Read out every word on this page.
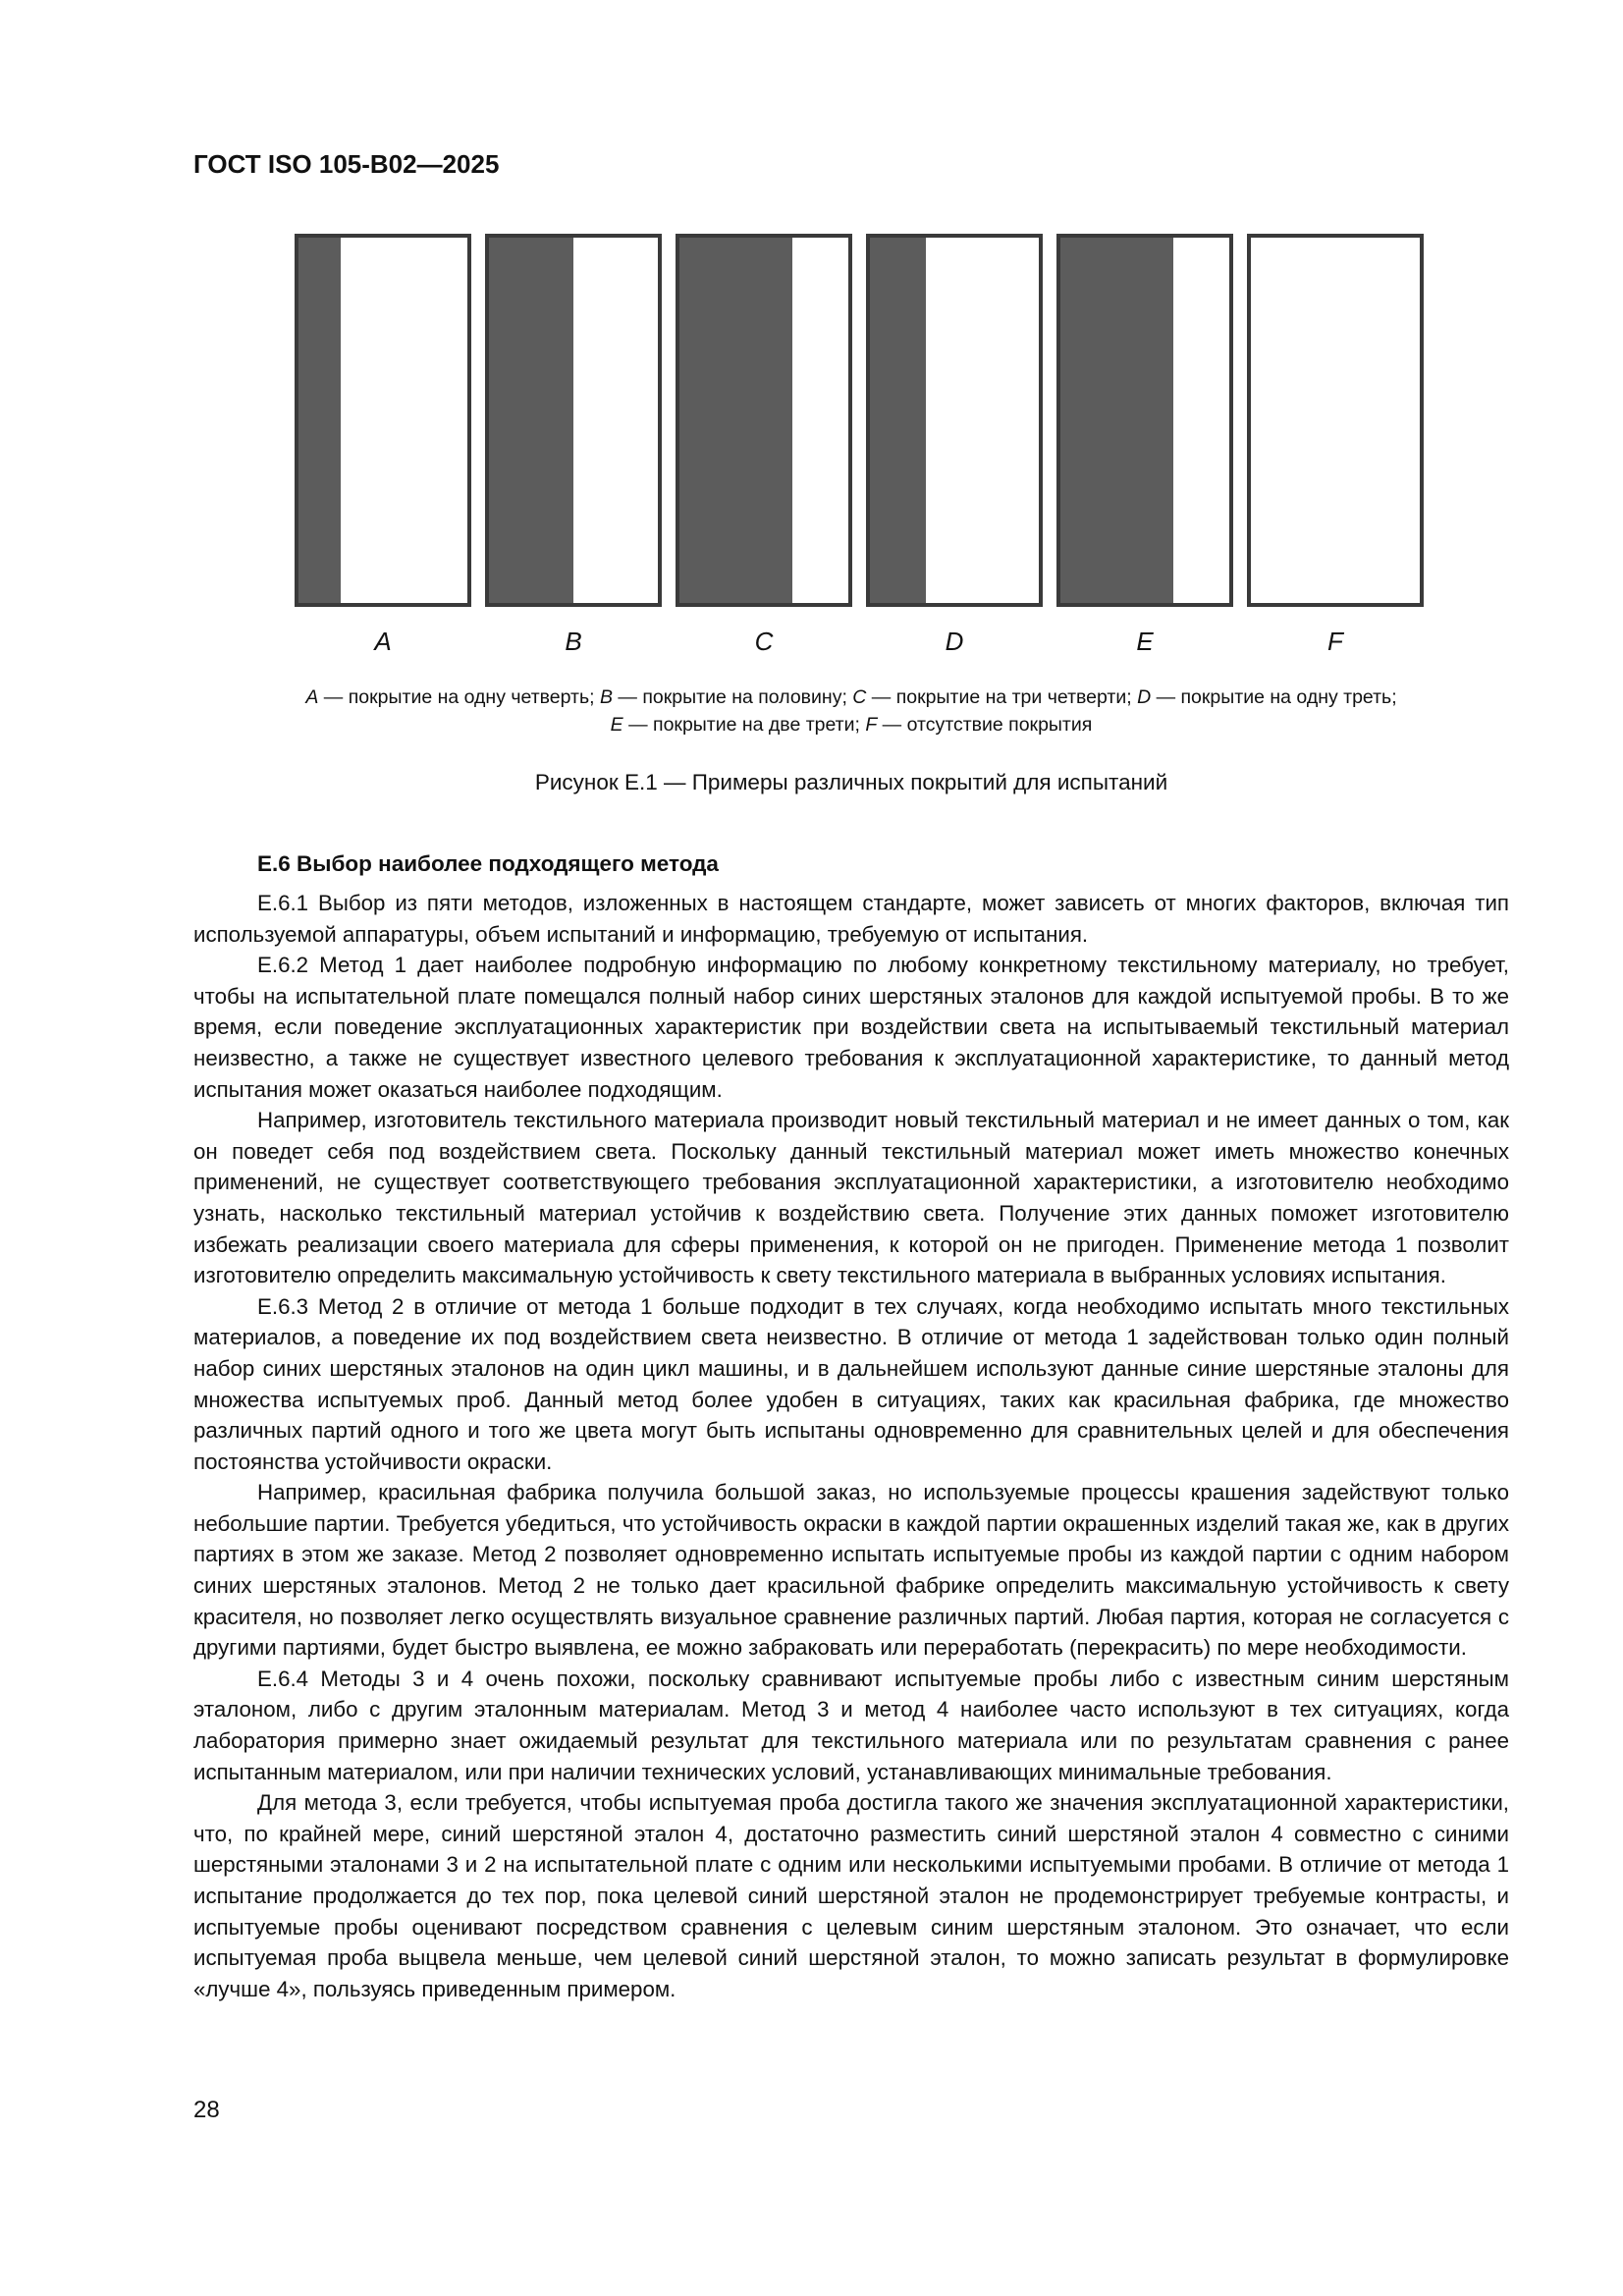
ГОСТ ISO 105-B02—2025
A	B	C	D	E	F
A — покрытие на одну четверть; B — покрытие на половину; C — покрытие на три четверти; D — покрытие на одну треть;
E — покрытие на две трети; F — отсутствие покрытия
Рисунок Е.1 — Примеры различных покрытий для испытаний
Е.6 Выбор наиболее подходящего метода

Е.6.1 Выбор из пяти методов, изложенных в настоящем стандарте, может зависеть от многих факторов, включая тип используемой аппаратуры, объем испытаний и информацию, требуемую от испытания.

Е.6.2 Метод 1 дает наиболее подробную информацию по любому конкретному текстильному материалу, но требует, чтобы на испытательной плате помещался полный набор синих шерстяных эталонов для каждой испытуемой пробы. В то же время, если поведение эксплуатационных характеристик при воздействии света на испытываемый текстильный материал неизвестно, а также не существует известного целевого требования к эксплуатационной характеристике, то данный метод испытания может оказаться наиболее подходящим.

Например, изготовитель текстильного материала производит новый текстильный материал и не имеет данных о том, как он поведет себя под воздействием света. Поскольку данный текстильный материал может иметь множество конечных применений, не существует соответствующего требования эксплуатационной характеристики, а изготовителю необходимо узнать, насколько текстильный материал устойчив к воздействию света. Получение этих данных поможет изготовителю избежать реализации своего материала для сферы применения, к которой он не пригоден. Применение метода 1 позволит изготовителю определить максимальную устойчивость к свету текстильного материала в выбранных условиях испытания.

Е.6.3 Метод 2 в отличие от метода 1 больше подходит в тех случаях, когда необходимо испытать много текстильных материалов, а поведение их под воздействием света неизвестно. В отличие от метода 1 задействован только один полный набор синих шерстяных эталонов на один цикл машины, и в дальнейшем используют данные синие шерстяные эталоны для множества испытуемых проб. Данный метод более удобен в ситуациях, таких как красильная фабрика, где множество различных партий одного и того же цвета могут быть испытаны одновременно для сравнительных целей и для обеспечения постоянства устойчивости окраски.

Например, красильная фабрика получила большой заказ, но используемые процессы крашения задействуют только небольшие партии. Требуется убедиться, что устойчивость окраски в каждой партии окрашенных изделий такая же, как в других партиях в этом же заказе. Метод 2 позволяет одновременно испытать испытуемые пробы из каждой партии с одним набором синих шерстяных эталонов. Метод 2 не только дает красильной фабрике определить максимальную устойчивость к свету красителя, но позволяет легко осуществлять визуальное сравнение различных партий. Любая партия, которая не согласуется с другими партиями, будет быстро выявлена, ее можно забраковать или переработать (перекрасить) по мере необходимости.

Е.6.4 Методы 3 и 4 очень похожи, поскольку сравнивают испытуемые пробы либо с известным синим шерстяным эталоном, либо с другим эталонным материалам. Метод 3 и метод 4 наиболее часто используют в тех ситуациях, когда лаборатория примерно знает ожидаемый результат для текстильного материала или по результатам сравнения с ранее испытанным материалом, или при наличии технических условий, устанавливающих минимальные требования.

Для метода 3, если требуется, чтобы испытуемая проба достигла такого же значения эксплуатационной характеристики, что, по крайней мере, синий шерстяной эталон 4, достаточно разместить синий шерстяной эталон 4 совместно с синими шерстяными эталонами 3 и 2 на испытательной плате с одним или несколькими испытуемыми пробами. В отличие от метода 1 испытание продолжается до тех пор, пока целевой синий шерстяной эталон не продемонстрирует требуемые контрасты, и испытуемые пробы оценивают посредством сравнения с целевым синим шерстяным эталоном. Это означает, что если испытуемая проба выцвела меньше, чем целевой синий шерстяной эталон, то можно записать результат в формулировке «лучше 4», пользуясь приведенным примером.

28
